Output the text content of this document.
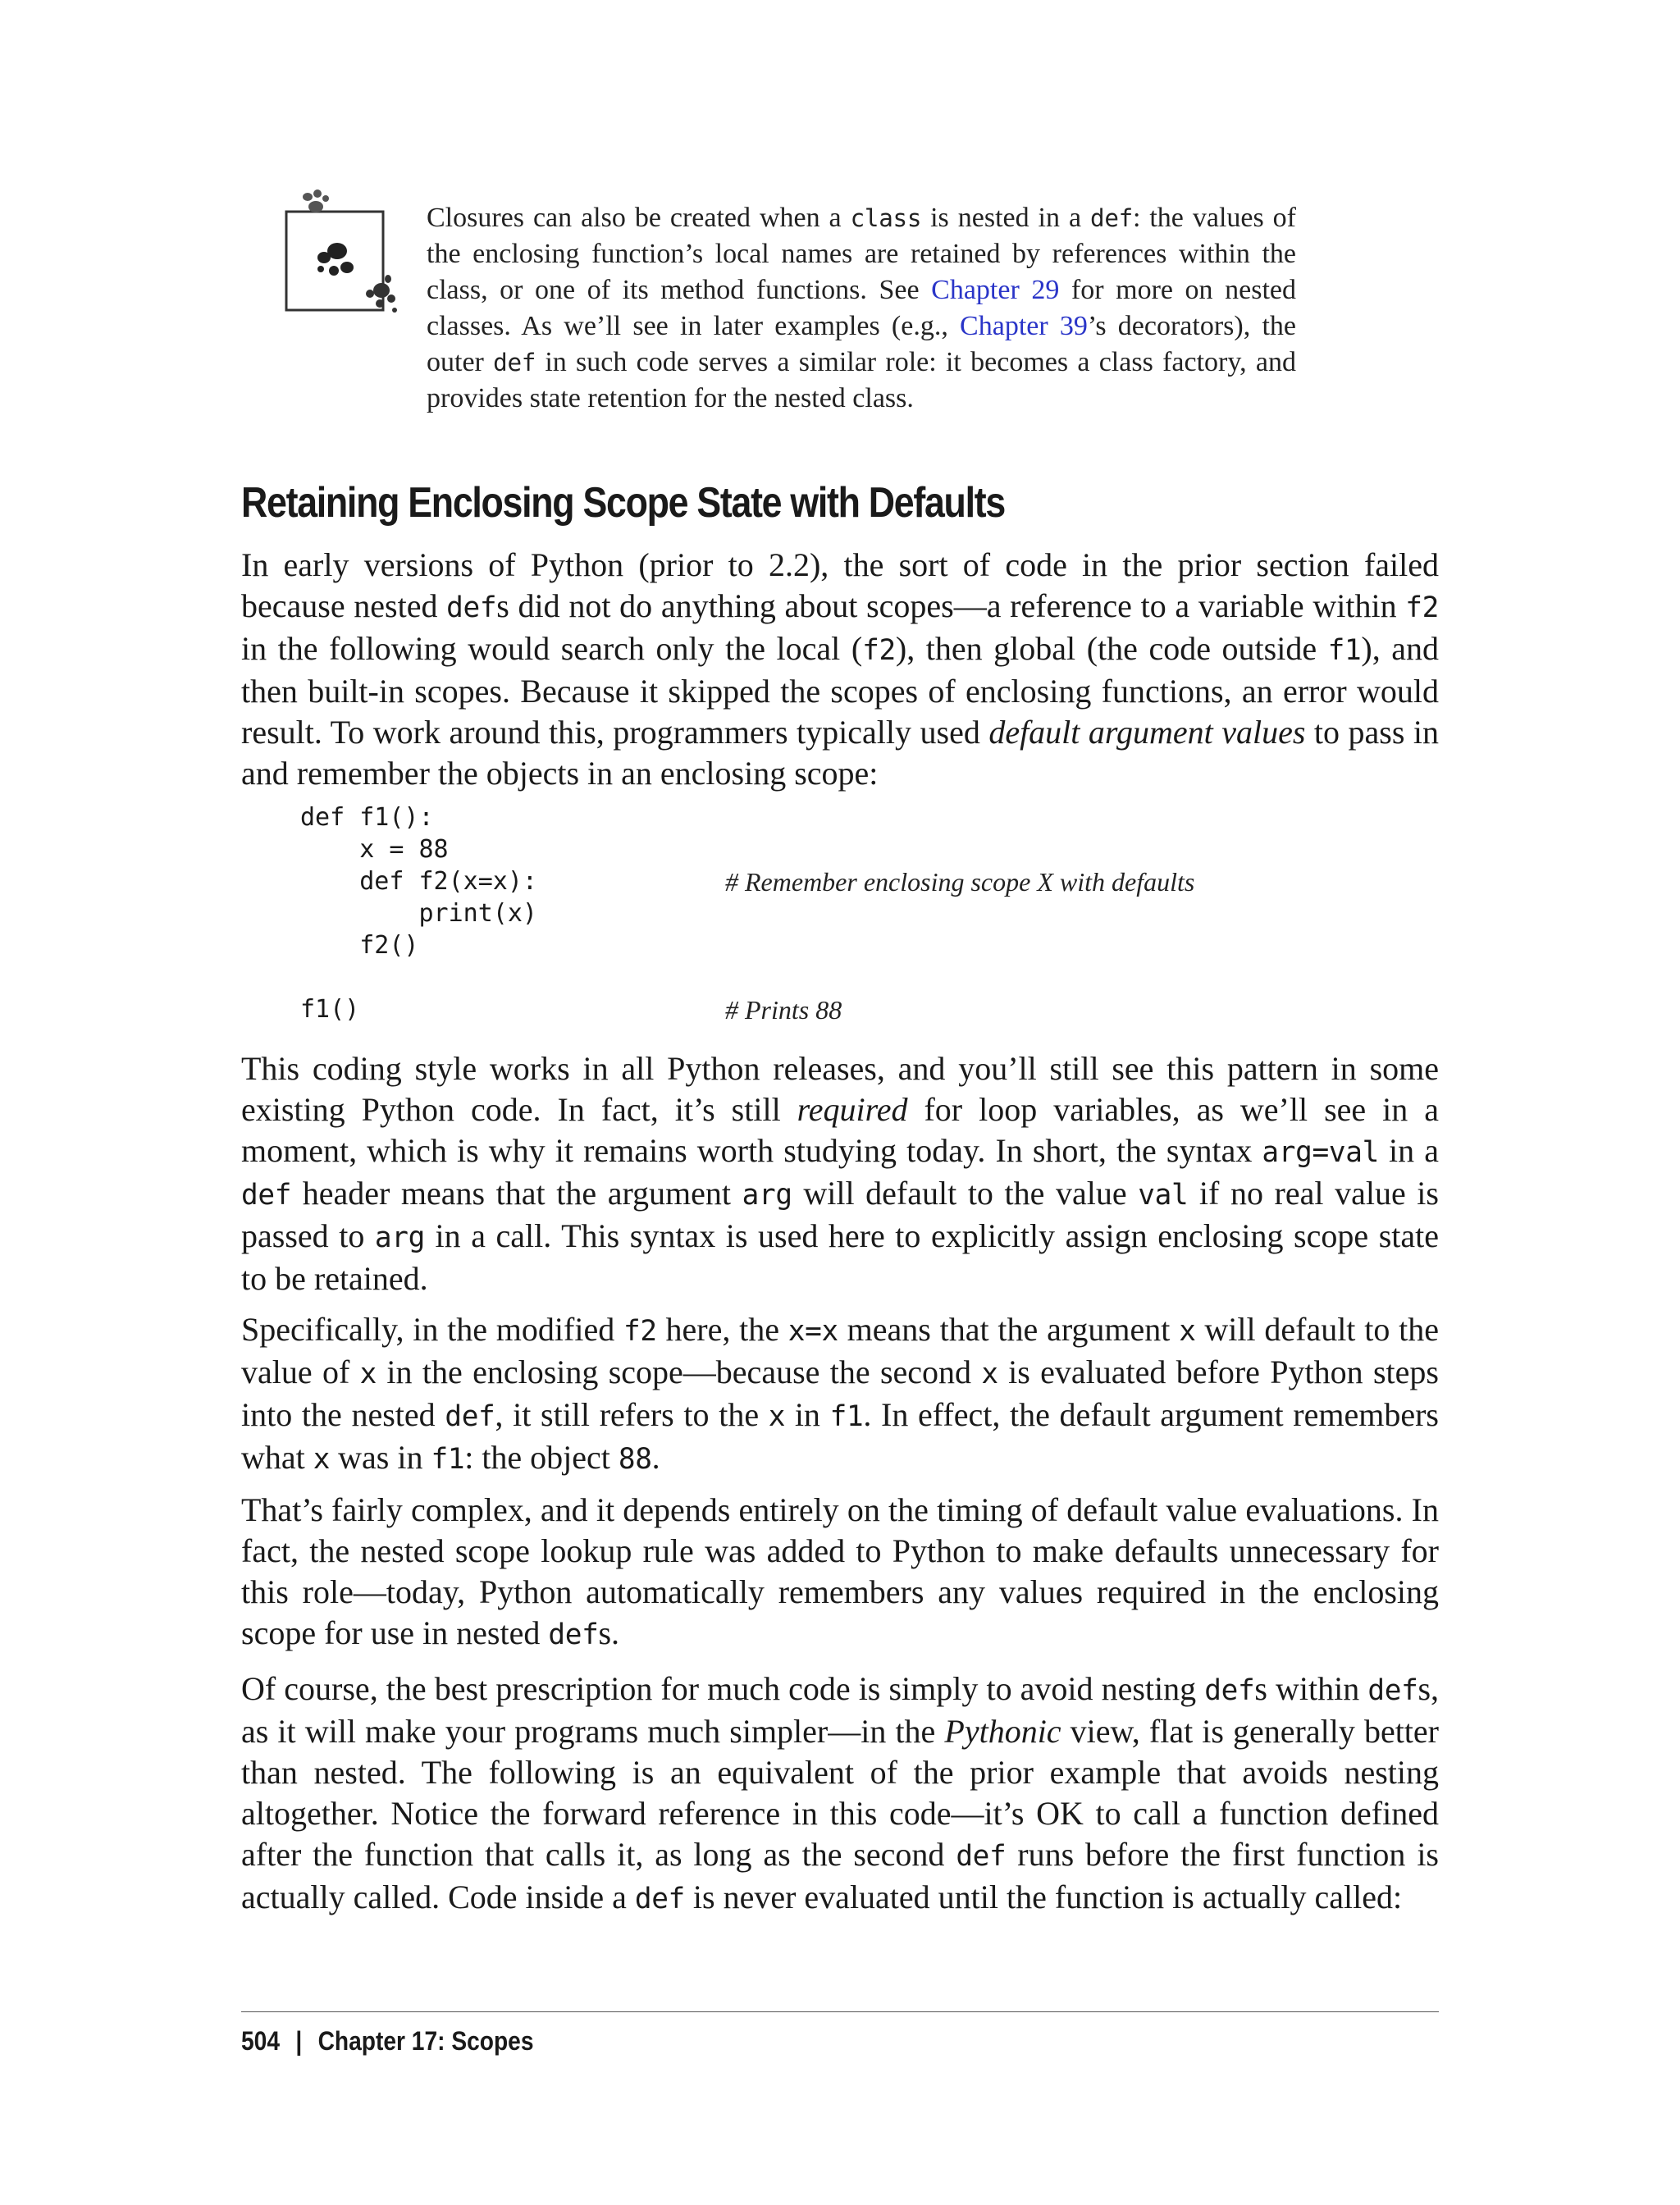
Closures can also be created when a class is nested in a def: the values of the enclosing function’s local names are retained by references within the class, or one of its method functions. See Chapter 29 for more on nested classes. As we’ll see in later examples (e.g., Chapter 39’s decorators), the outer def in such code serves a similar role: it becomes a class factory, and provides state retention for the nested class.
Retaining Enclosing Scope State with Defaults

In early versions of Python (prior to 2.2), the sort of code in the prior section failed because nested defs did not do anything about scopes—a reference to a variable within f2 in the following would search only the local (f2), then global (the code outside f1), and then built-in scopes. Because it skipped the scopes of enclosing functions, an error would result. To work around this, programmers typically used default argument values to pass in and remember the objects in an enclosing scope:

def f1():
x = 88
def f2(x=x):	# Remember enclosing scope X with defaults
print(x)
f2()
f1()	# Prints 88

This coding style works in all Python releases, and you’ll still see this pattern in some existing Python code. In fact, it’s still required for loop variables, as we’ll see in a moment, which is why it remains worth studying today. In short, the syntax arg=val in a def header means that the argument arg will default to the value val if no real value is passed to arg in a call. This syntax is used here to explicitly assign enclosing scope state to be retained.

Specifically, in the modified f2 here, the x=x means that the argument x will default to the value of x in the enclosing scope—because the second x is evaluated before Python steps into the nested def, it still refers to the x in f1. In effect, the default argument remembers what x was in f1: the object 88.

That’s fairly complex, and it depends entirely on the timing of default value evaluations. In fact, the nested scope lookup rule was added to Python to make defaults unnecessary for this role—today, Python automatically remembers any values required in the enclosing scope for use in nested defs.

Of course, the best prescription for much code is simply to avoid nesting defs within defs, as it will make your programs much simpler—in the Pythonic view, flat is generally better than nested. The following is an equivalent of the prior example that avoids nesting altogether. Notice the forward reference in this code—it’s OK to call a function defined after the function that calls it, as long as the second def runs before the first function is actually called. Code inside a def is never evaluated until the function is actually called:

504 | Chapter 17: Scopes
